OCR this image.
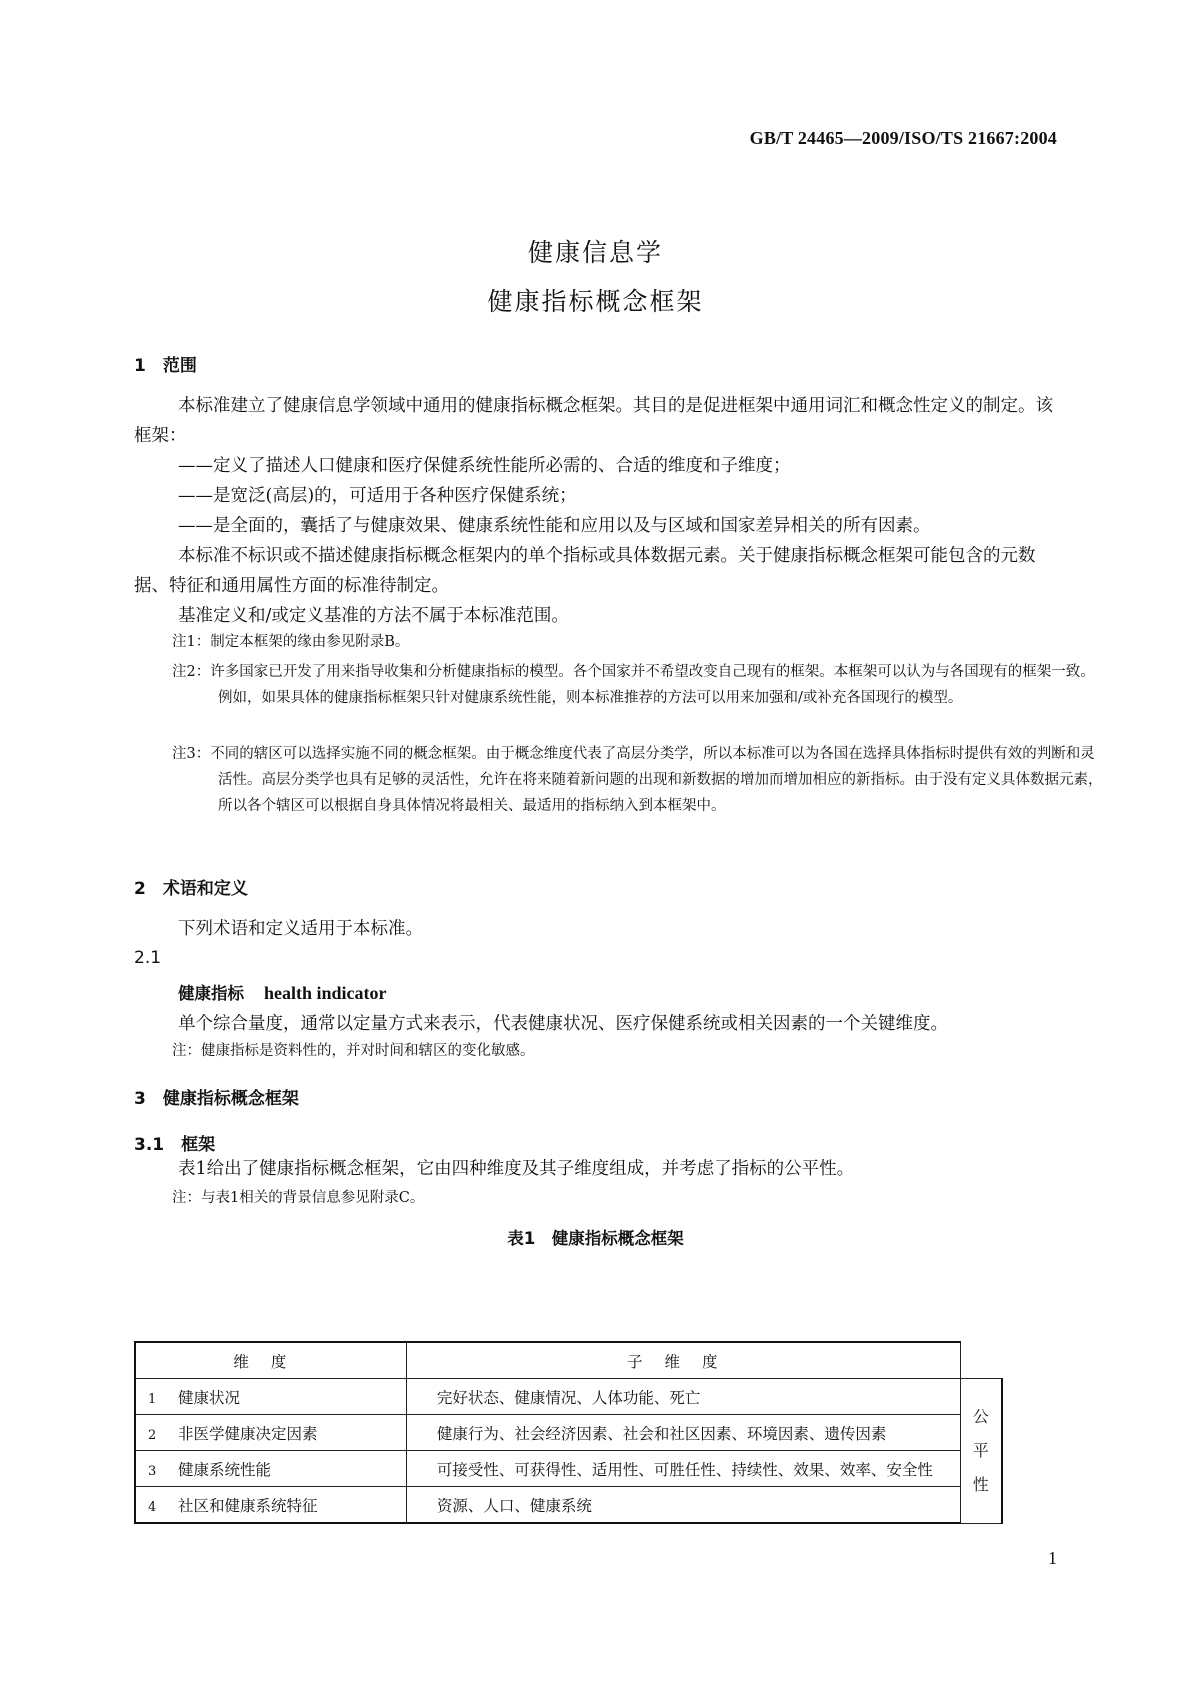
GB/T 24465—2009/ISO/TS 21667:2004
健康信息学
健康指标概念框架
1　范围
本标准建立了健康信息学领域中通用的健康指标概念框架。其目的是促进框架中通用词汇和概念性定义的制定。该框架：
——定义了描述人口健康和医疗保健系统性能所必需的、合适的维度和子维度；
——是宽泛(高层)的，可适用于各种医疗保健系统；
——是全面的，囊括了与健康效果、健康系统性能和应用以及与区域和国家差异相关的所有因素。
本标准不标识或不描述健康指标概念框架内的单个指标或具体数据元素。关于健康指标概念框架可能包含的元数据、特征和通用属性方面的标准待制定。
基准定义和/或定义基准的方法不属于本标准范围。
注1：制定本框架的缘由参见附录B。
注2：许多国家已开发了用来指导收集和分析健康指标的模型。各个国家并不希望改变自己现有的框架。本框架可以认为与各国现有的框架一致。例如，如果具体的健康指标框架只针对健康系统性能，则本标准推荐的方法可以用来加强和/或补充各国现行的模型。
注3：不同的辖区可以选择实施不同的概念框架。由于概念维度代表了高层分类学，所以本标准可以为各国在选择具体指标时提供有效的判断和灵活性。高层分类学也具有足够的灵活性，允许在将来随着新问题的出现和新数据的增加而增加相应的新指标。由于没有定义具体数据元素，所以各个辖区可以根据自身具体情况将最相关、最适用的指标纳入到本框架中。
2　术语和定义
下列术语和定义适用于本标准。
2.1
健康指标 health indicator
单个综合量度，通常以定量方式来表示，代表健康状况、医疗保健系统或相关因素的一个关键维度。
注：健康指标是资料性的，并对时间和辖区的变化敏感。
3　健康指标概念框架
3.1　框架
表1给出了健康指标概念框架，它由四种维度及其子维度组成，并考虑了指标的公平性。
注：与表1相关的背景信息参见附录C。
表1　健康指标概念框架
维度	子维度	
1 健康状况	完好状态、健康情况、人体功能、死亡	公
平
性

2 非医学健康决定因素	健康行为、社会经济因素、社会和社区因素、环境因素、遗传因素	
3 健康系统性能	可接受性、可获得性、适用性、可胜任性、持续性、效果、效率、安全性	
4 社区和健康系统特征	资源、人口、健康系统	
1
